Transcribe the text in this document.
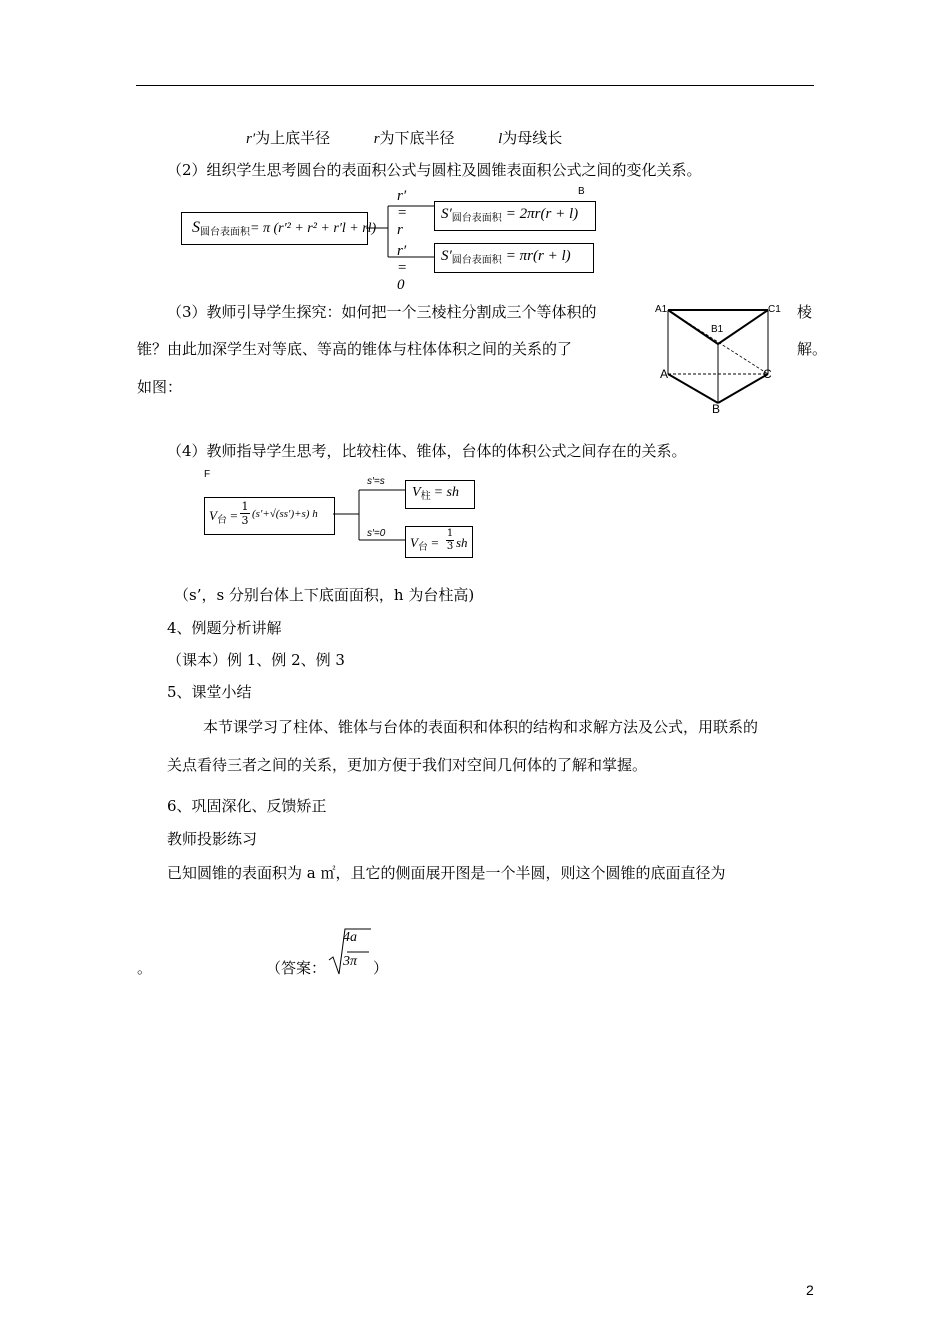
r′为上底半径	r为下底半径	l为母线长
（2）组织学生思考圆台的表面积公式与圆柱及圆锥表面积公式之间的变化关系。
B
$S_{圆台表面积}= \pi$ (r′² + r² + r′l + rl)
r′ = r
r′ = 0
$S'_{圆台表面积} = 2\pi r(r + l)$
$S'_{圆台表面积} = \pi r(r + l)$
（3）教师引导学生探究：如何把一个三棱柱分割成三个等体积的	棱
锥？由此加深学生对等底、等高的锥体与柱体体积之间的关系的了	解。
如图：
A1
B1
C1
A
B
C
（4）教师指导学生思考，比较柱体、锥体，台体的体积公式之间存在的关系。
F
$V_台 = \frac{1}{3} (s'+√(ss')+s)$ h
s′=s
s′=0
$V_柱$ = sh
$V_台 = \frac{1}{3}$ sh
（s’，s 分别台体上下底面面积，h 为台柱高)
4、例题分析讲解
（课本）例 1、例 2、例 3
5、课堂小结
本节课学习了柱体、锥体与台体的表面积和体积的结构和求解方法及公式，用联系的
关点看待三者之间的关系，更加方便于我们对空间几何体的了解和掌握。
6、巩固深化、反馈矫正
教师投影练习
已知圆锥的表面积为 a ㎡，且它的侧面展开图是一个半圆，则这个圆锥的底面直径为
。	（答案：
4a
3π ）
2
